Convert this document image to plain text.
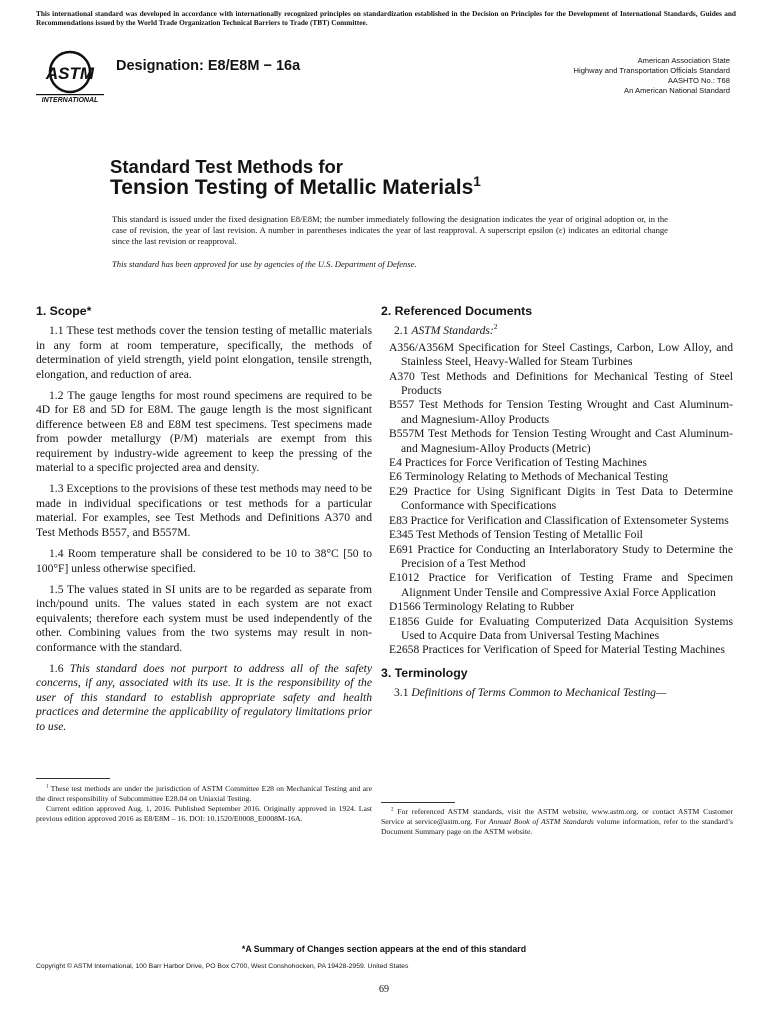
This international standard was developed in accordance with internationally recognized principles on standardization established in the Decision on Principles for the Development of International Standards, Guides and Recommendations issued by the World Trade Organization Technical Barriers to Trade (TBT) Committee.
ASTM
INTERNATIONAL
Designation: E8/E8M − 16a	American Association State
Highway and Transportation Officials Standard
AASHTO No.: T68
An American National Standard
Standard Test Methods for
Tension Testing of Metallic Materials$^1$
This standard is issued under the fixed designation E8/E8M; the number immediately following the designation indicates the year of original adoption or, in the case of revision, the year of last revision. A number in parentheses indicates the year of last reapproval. A superscript epsilon (ε) indicates an editorial change since the last revision or reapproval.
This standard has been approved for use by agencies of the U.S. Department of Defense.
1. Scope*

1.1 These test methods cover the tension testing of metallic materials in any form at room temperature, specifically, the methods of determination of yield strength, yield point elongation, tensile strength, elongation, and reduction of area.

1.2 The gauge lengths for most round specimens are required to be 4D for E8 and 5D for E8M. The gauge length is the most significant difference between E8 and E8M test specimens. Test specimens made from powder metallurgy (P/M) materials are exempt from this requirement by industry-wide agreement to keep the pressing of the material to a specific projected area and density.

1.3 Exceptions to the provisions of these test methods may need to be made in individual specifications or test methods for a particular material. For examples, see Test Methods and Definitions A370 and Test Methods B557, and B557M.

1.4 Room temperature shall be considered to be 10 to 38°C [50 to 100°F] unless otherwise specified.

1.5 The values stated in SI units are to be regarded as separate from inch/pound units. The values stated in each system are not exact equivalents; therefore each system must be used independently of the other. Combining values from the two systems may result in non-conformance with the standard.

1.6 This standard does not purport to address all of the safety concerns, if any, associated with its use. It is the responsibility of the user of this standard to establish appropriate safety and health practices and determine the applicability of regulatory limitations prior to use.

$^1$ These test methods are under the jurisdiction of ASTM Committee E28 on Mechanical Testing and are the direct responsibility of Subcommittee E28.04 on Uniaxial Testing.

Current edition approved Aug. 1, 2016. Published September 2016. Originally approved in 1924. Last previous edition approved 2016 as E8/E8M – 16. DOI: 10.1520/E0008_E0008M-16A.

2. Referenced Documents
2.1 ASTM Standards:$^2$

A356/A356M Specification for Steel Castings, Carbon, Low Alloy, and Stainless Steel, Heavy-Walled for Steam Turbines

A370 Test Methods and Definitions for Mechanical Testing of Steel Products

B557 Test Methods for Tension Testing Wrought and Cast Aluminum- and Magnesium-Alloy Products

B557M Test Methods for Tension Testing Wrought and Cast Aluminum- and Magnesium-Alloy Products (Metric)

E4 Practices for Force Verification of Testing Machines

E6 Terminology Relating to Methods of Mechanical Testing

E29 Practice for Using Significant Digits in Test Data to Determine Conformance with Specifications

E83 Practice for Verification and Classification of Extensometer Systems

E345 Test Methods of Tension Testing of Metallic Foil

E691 Practice for Conducting an Interlaboratory Study to Determine the Precision of a Test Method

E1012 Practice for Verification of Testing Frame and Specimen Alignment Under Tensile and Compressive Axial Force Application

D1566 Terminology Relating to Rubber

E1856 Guide for Evaluating Computerized Data Acquisition Systems Used to Acquire Data from Universal Testing Machines

E2658 Practices for Verification of Speed for Material Testing Machines

3. Terminology
3.1 Definitions of Terms Common to Mechanical Testing—

$^2$ For referenced ASTM standards, visit the ASTM website, www.astm.org, or contact ASTM Customer Service at service@astm.org. For Annual Book of ASTM Standards volume information, refer to the standard’s Document Summary page on the ASTM website.

*A Summary of Changes section appears at the end of this standard
Copyright © ASTM International, 100 Barr Harbor Drive, PO Box C700, West Conshohocken, PA 19428-2959. United States
69
